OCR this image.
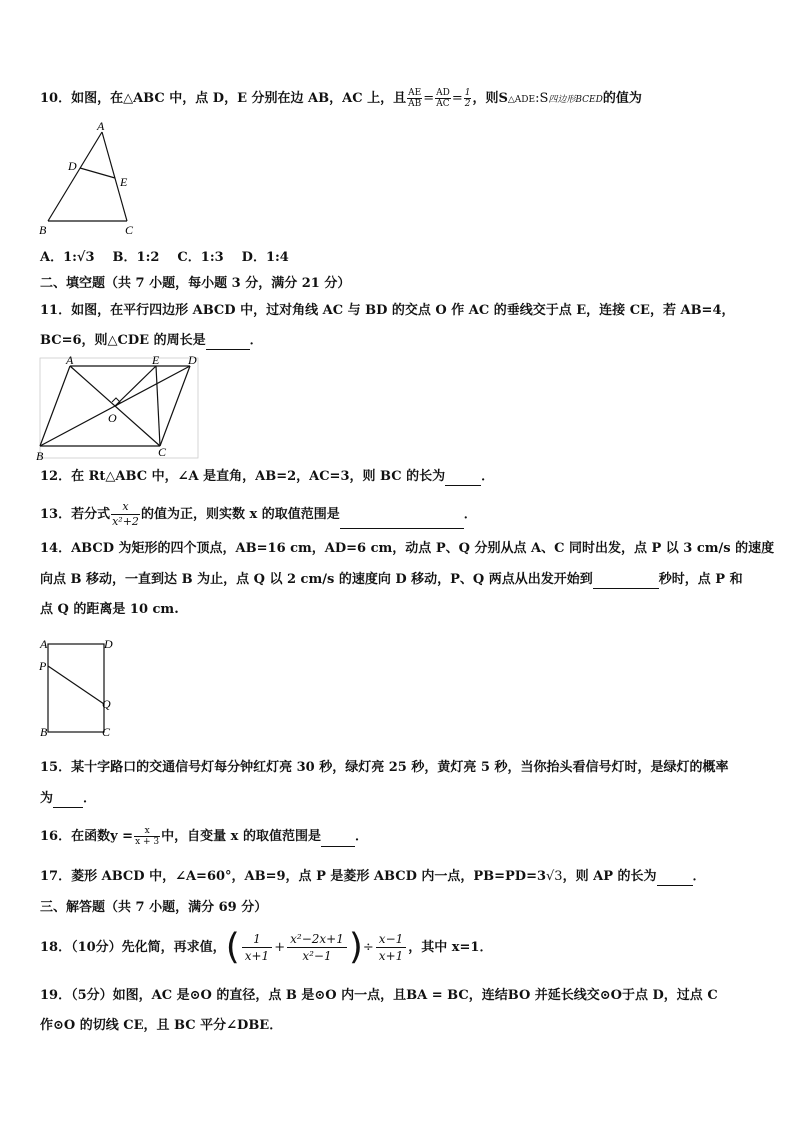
10．如图，在△ABC 中，点 D，E 分别在边 AB，AC 上，且 $\frac{AE}{AB} = \frac{AD}{AC} = \frac{1}{2}$ ，则S△ADE:S四边形BCED的值为
A
D
E
B	C
A．1:√3 B．1:2 C．1:3 D．1:4
二、填空题（共 7 小题，每小题 3 分，满分 21 分）
11．如图，在平行四边形 ABCD 中，过对角线 AC 与 BD 的交点 O 作 AC 的垂线交于点 E，连接 CE，若 AB=4，
BC=6，则△CDE 的周长是	．
A	E D
O
B	C
12．在 Rt△ABC 中，∠A 是直角，AB=2，AC=3，则 BC 的长为	．
13．若分式 $\frac{x}{\text{x²+2}}$ 的值为正，则实数 x 的取值范围是	．
14．ABCD 为矩形的四个顶点，AB=16 cm，AD=6 cm，动点 P、Q 分别从点 A、C 同时出发，点 P 以 3 cm/s 的速度
向点 B 移动，一直到达 B 为止，点 Q 以 2 cm/s 的速度向 D 移动，P、Q 两点从出发开始到	秒时，点 P 和
点 Q 的距离是 10 cm.
A	D
P
Q
B	C
15．某十字路口的交通信号灯每分钟红灯亮 30 秒，绿灯亮 25 秒，黄灯亮 5 秒，当你抬头看信号灯时，是绿灯的概率
为 ．
16．在函数$y = \frac{x}{x + 3}$ 中，自变量 x 的取值范围是	．
17．菱形 ABCD 中，∠A=60°，AB=9，点 P 是菱形 ABCD 内一点，PB=PD=3√3，则 AP 的长为	．
三、解答题（共 7 小题，满分 69 分）
18．（10分）先化简，再求值，( $\frac{1}{x+1} + \frac{\text{x²−2x+1}}{\text{x²−1}}$ )÷ $\frac{x-1}{x+1}$ ，其中 x=1．
19．（5分）如图，AC 是⊙O 的直径，点 B 是⊙O 内一点，且BA = BC，连结BO 并延长线交⊙O于点 D，过点 C
作⊙O 的切线 CE，且 BC 平分∠DBE．
